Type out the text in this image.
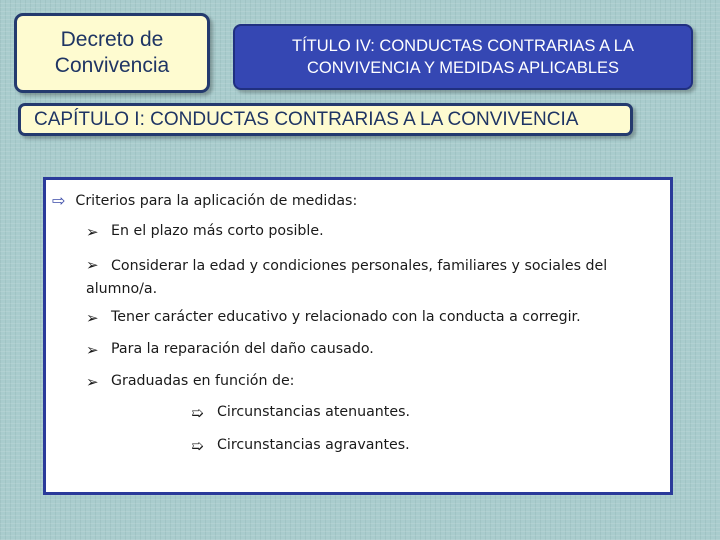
Decreto de
Convivencia
TÍTULO IV: CONDUCTAS CONTRARIAS A LA
CONVIVENCIA Y MEDIDAS APLICABLES
CAPÍTULO I: CONDUCTAS CONTRARIAS A LA CONVIVENCIA
⇨ Criterios para la aplicación de medidas:
➢ En el plazo más corto posible.
➢ Considerar la edad y condiciones personales, familiares y sociales del alumno/a.
➢ Tener carácter educativo y relacionado con la conducta a corregir.
➢ Para la reparación del daño causado.
➢ Graduadas en función de:
➯ Circunstancias atenuantes.
➯ Circunstancias agravantes.
